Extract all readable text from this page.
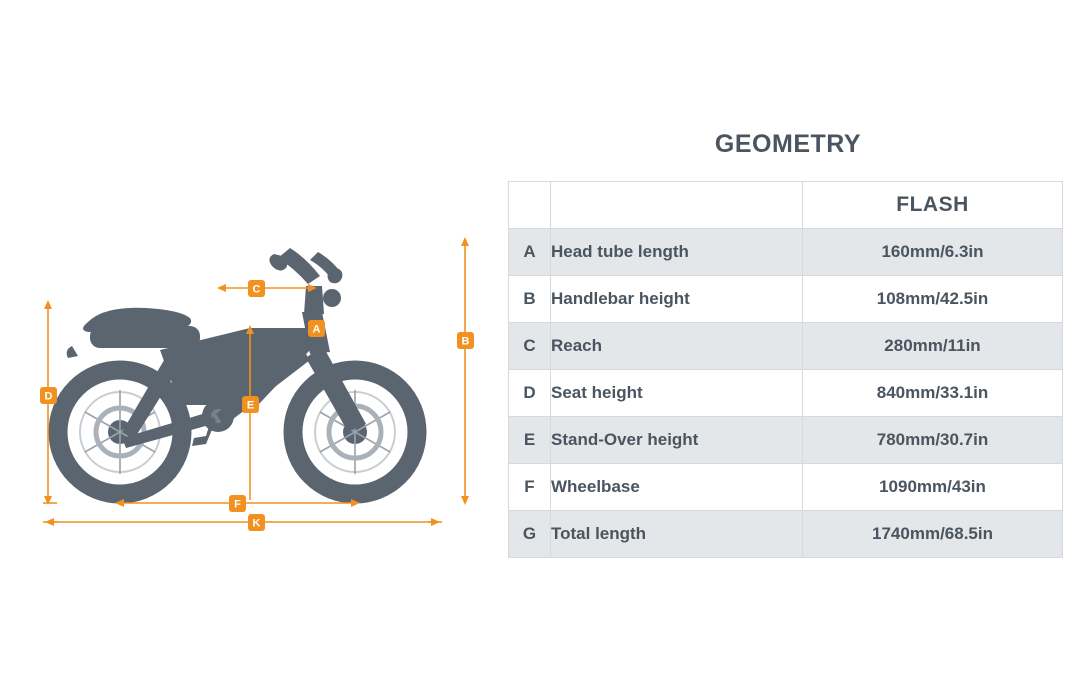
A
B
C
D
E
F
K
GEOMETRY
		FLASH
A	Head tube length	160mm/6.3in
B	Handlebar height	108mm/42.5in
C	Reach	280mm/11in
D	Seat height	840mm/33.1in
E	Stand-Over height	780mm/30.7in
F	Wheelbase	1090mm/43in
G	Total length	1740mm/68.5in
